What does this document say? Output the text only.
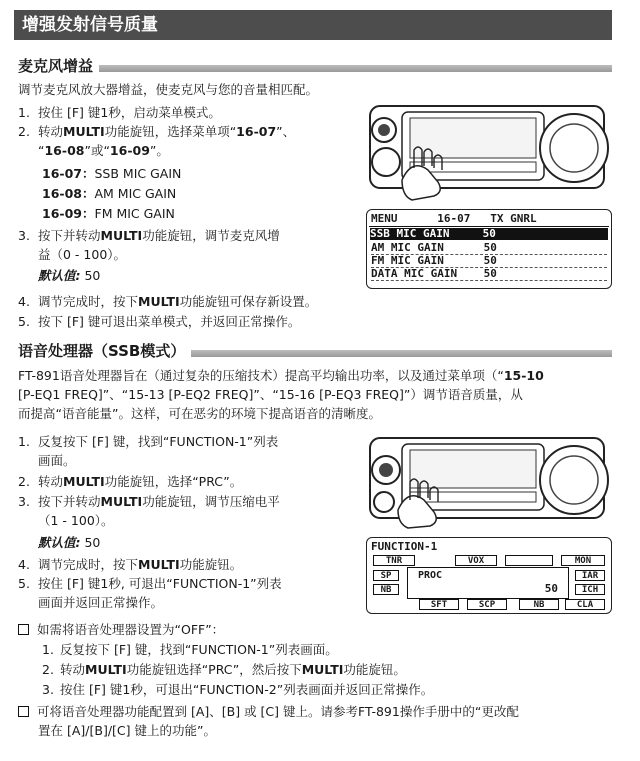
增强发射信号质量
麦克风增益
调节麦克风放大器增益，使麦克风与您的音量相匹配。
1. 按住 [F] 键1秒，启动菜单模式。
2. 转动MULTI功能旋钮，选择菜单项“16-07”、
“16-08”或“16-09”。
16-07：SSB MIC GAIN
16-08：AM MIC GAIN
16-09：FM MIC GAIN
3. 按下并转动MULTI功能旋钮，调节麦克风增
益（0 - 100）。
默认值: 50
4. 调节完成时，按下MULTI功能旋钮可保存新设置。
5. 按下 [F] 键可退出菜单模式，并返回正常操作。
MENU	16-07 TX GNRL
SSB MIC GAIN	50
AM MIC GAIN	50
FM MIC GAIN	50
DATA MIC GAIN 50
语音处理器（SSB模式）
FT-891语音处理器旨在（通过复杂的压缩技术）提高平均输出功率，以及通过菜单项（“15-10
[P-EQ1 FREQ]”、“15-13 [P-EQ2 FREQ]”、“15-16 [P-EQ3 FREQ]”）调节语音质量，从
而提高“语音能量”。这样，可在恶劣的环境下提高语音的清晰度。
1. 反复按下 [F] 键，找到“FUNCTION-1”列表
画面。
2. 转动MULTI功能旋钮，选择“PRC”。
3. 按下并转动MULTI功能旋钮，调节压缩电平
（1 - 100）。
默认值: 50
4. 调节完成时，按下MULTI功能旋钮。
5. 按住 [F] 键1秒, 可退出“FUNCTION-1”列表
画面并返回正常操作。
FUNCTION-1
TNR	VOX	PRC	MON
SP
NB
IAR
ICH
PROC
50
SFT	SCP	NB	CLA
如需将语音处理器设置为“OFF”：
1. 反复按下 [F] 键，找到“FUNCTION-1”列表画面。
2. 转动MULTI功能旋钮选择“PRC”，然后按下MULTI功能旋钮。
3. 按住 [F] 键1秒，可退出“FUNCTION-2”列表画面并返回正常操作。
可将语音处理器功能配置到 [A]、[B] 或 [C] 键上。请参考FT-891操作手册中的“更改配
置在 [A]/[B]/[C] 键上的功能”。
